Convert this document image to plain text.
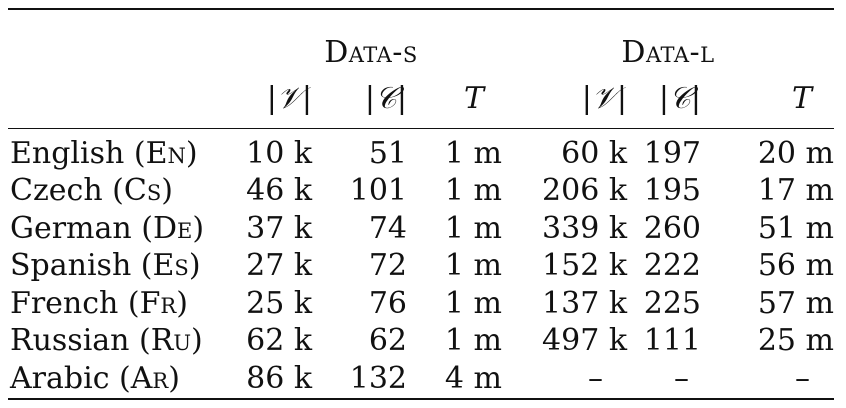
	Data-s			Data-l		
	|𝒱|	|𝒞|	T	|𝒱|	|𝒞|	T
English (En)	10 k	51	1 m	60 k	197	20 m
Czech (Cs)	46 k	101	1 m	206 k	195	17 m
German (De)	37 k	74	1 m	339 k	260	51 m
Spanish (Es)	27 k	72	1 m	152 k	222	56 m
French (Fr)	25 k	76	1 m	137 k	225	57 m
Russian (Ru)	62 k	62	1 m	497 k	111	25 m
Arabic (Ar)	86 k	132	4 m	–	–	–
